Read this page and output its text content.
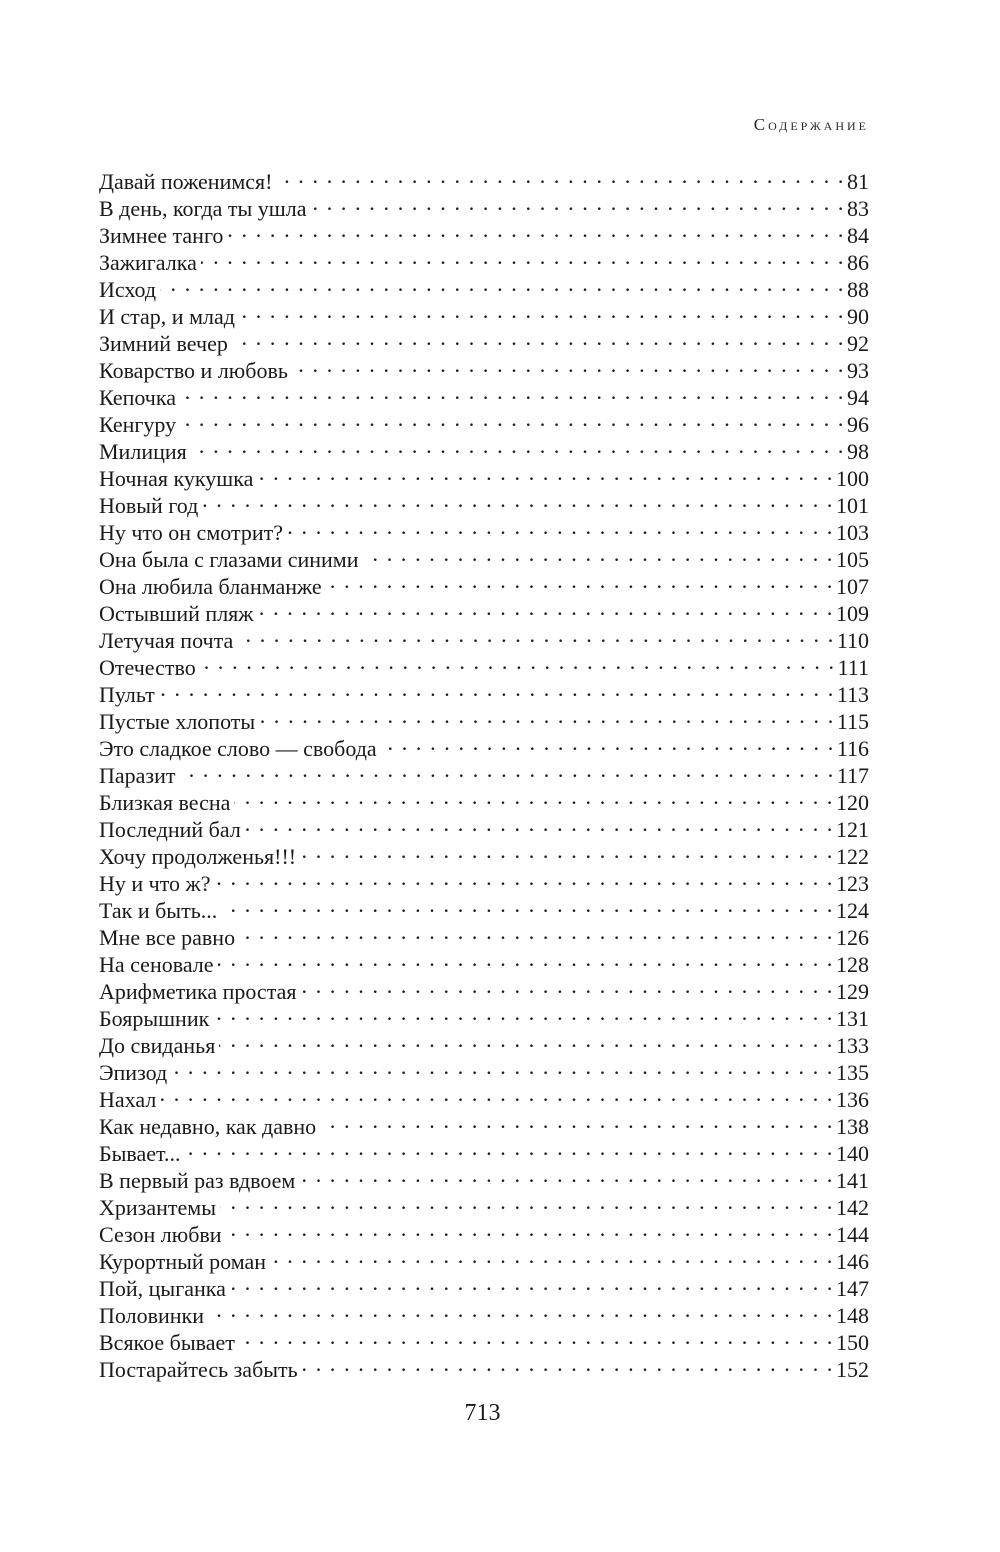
Содержание
Давай поженимся! . . .	81
В день, когда ты ушла . . .	83
Зимнее танго . . .	84
Зажигалка . . .	86
Исход . . .	88
И стар, и млад . . .	90
Зимний вечер . . .	92
Коварство и любовь . . .	93
Кепочка . . .	94
Кенгуру . . .	96
Милиция . . .	98
Ночная кукушка . . .	100
Новый год . . .	101
Ну что он смотрит? . . .	103
Она была с глазами синими . . .	105
Она любила бланманже . . .	107
Остывший пляж . . .	109
Летучая почта . . .	110
Отечество . . .	111
Пульт . . .	113
Пустые хлопоты . . .	115
Это сладкое слово — свобода . . .	116
Паразит . . .	117
Близкая весна . . .	120
Последний бал . . .	121
Хочу продолженья!!! . . .	122
Ну и что ж? . . .	123
Так и быть... . . .	124
Мне все равно . . .	126
На сеновале . . .	128
Арифметика простая . . .	129
Боярышник . . .	131
До свиданья . . .	133
Эпизод . . .	135
Нахал . . .	136
Как недавно, как давно . . .	138
Бывает... . . .	140
В первый раз вдвоем . . .	141
Хризантемы . . .	142
Сезон любви . . .	144
Курортный роман . . .	146
Пой, цыганка . . .	147
Половинки . . .	148
Всякое бывает . . .	150
Постарайтесь забыть . . .	152
713
